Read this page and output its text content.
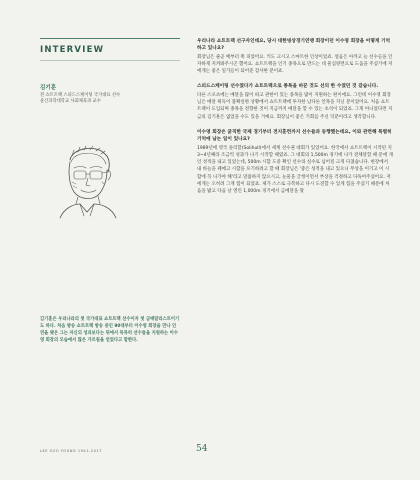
INTERVIEW
김기훈
전 쇼트트랙 스피드스케이팅 국가대표 선수
울산과학대학교 사회체육과 교수
김기훈은 우리나라의 첫 국가대표 쇼트트랙 선수이자 첫 금메달리스트이기도 하다. 처음 방송 쇼트트랙 방송 중인 90대부터 이수영 회장을 만나 인연을 맺은 그는 자신의 성과보다는 뒤에서 묵묵히 선수들을 지원하는 이수영 회장의 모습에서 많은 가르침을 얻었다고 말한다.
우리나라 쇼트트랙 선구자인데요, 당시 대한빙상경기연맹 회장이던 이수영 회장을 어떻게 기억하고 있나요?
회장님은 줄곧 배부터 쭉 피었어요. 키도 크시고 스마트한 인상이었죠. 얼음은 아까고 늘 선수들을 인자하게 지켜봐주시곤 했어요. 쇼트트랙을 인기 종목으로 만드는 데 물심양면으로 도움을 주셨기에 저에게는 좋은 일가들이 되어준 감사한 분이죠.
스피드스케이팅 선수였다가 쇼트트랙으로 종목을 바꾼 것도 선의 한 수였던 것 같습니다.
다른 스포츠에는 메달을 많이 따고 관한이 있는 종목을 많이 지원하는 편이에요. 그런데 이수영 회장님은 메달 획득이 불확실한 상황에서 쇼트트랙에 투자한 남다른 안목을 지닌 분이었어요. 처음 쇼트트랙이 도입되며 종목을 전향한 것이 지금까지 메달을 할 수 있는 초석이 되었죠. 그게 아니었다면 지금의 김기훈은 없었을 수도 있을 거예요. 회장님이 좋은 기회를 주신 덕분이라고 생각합니다.
이수영 회장은 굵직한 국제 경기부터 전지훈련까지 선수들과 동행했는데요, 이와 관련해 특별히 기억에 남는 일이 있나요?
1989년에 영국 솔리할(Solihull)에서 세계 선수권 대회가 있었어요. 한국에서 쇼트트랙이 시작된 지 3~4년째라 조금씩 성과가 나기 시작할 때였죠. 그 대회의 1,500m 경기에 나가 전체달할 때 문에 개인 성적을 내고 있었는데, 500m 시합 도중 확인 선수의 실수로 넘어질 크게 다쳤습니다. 현장에서 내 바늘을 꿰매고 시합을 포기하려고 할 때 회장님은 '좋은 성적을 내고 있으니 무상을 이기고 이 시합에 꼭 나가야 해'라고 말씀하지 않으시고, 눈물을 글썽이면서 부상을 걱정하고 다독여주셨어요. 저에게는 오히려 그게 힘이 되었죠. 제가 스스로 극복하고 다시 도전할 수 있게 힘을 주셨기 때문에 처음을 밟고 다음 날 열린 1,000m 경기에서 금메달을 땄
LEE SOO YOUNG 1941-2017	54
